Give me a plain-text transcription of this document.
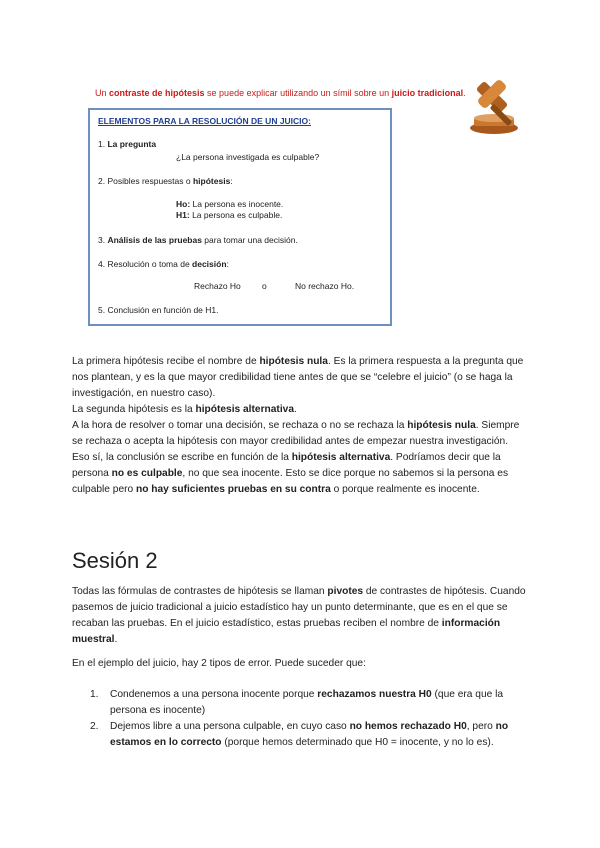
Un contraste de hipótesis se puede explicar utilizando un símil sobre un juicio tradicional.
ELEMENTOS PARA LA RESOLUCIÓN DE UN JUICIO:
1. La pregunta
¿La persona investigada es culpable?
2. Posibles respuestas o hipótesis:
Ho: La persona es inocente.
H1: La persona es culpable.
3. Análisis de las pruebas para tomar una decisión.
4. Resolución o toma de decisión:
Rechazo Ho o	No rechazo Ho.
5. Conclusión en función de H1.

La primera hipótesis recibe el nombre de hipótesis nula. Es la primera respuesta a la pregunta que nos plantean, y es la que mayor credibilidad tiene antes de que se “celebre el juicio” (o se haga la investigación, en nuestro caso).

La segunda hipótesis es la hipótesis alternativa.

A la hora de resolver o tomar una decisión, se rechaza o no se rechaza la hipótesis nula. Siempre se rechaza o acepta la hipótesis con mayor credibilidad antes de empezar nuestra investigación.

Eso sí, la conclusión se escribe en función de la hipótesis alternativa. Podríamos decir que la persona no es culpable, no que sea inocente. Esto se dice porque no sabemos si la persona es culpable pero no hay suficientes pruebas en su contra o porque realmente es inocente.

Sesión 2

Todas las fórmulas de contrastes de hipótesis se llaman pivotes de contrastes de hipótesis. Cuando pasemos de juicio tradicional a juicio estadístico hay un punto determinante, que es en el que se recaban las pruebas. En el juicio estadístico, estas pruebas reciben el nombre de información muestral.

En el ejemplo del juicio, hay 2 tipos de error. Puede suceder que:
1. Condenemos a una persona inocente porque rechazamos nuestra H0 (que era que la persona es inocente)
2. Dejemos libre a una persona culpable, en cuyo caso no hemos rechazado H0, pero no estamos en lo correcto (porque hemos determinado que H0 = inocente, y no lo es).
